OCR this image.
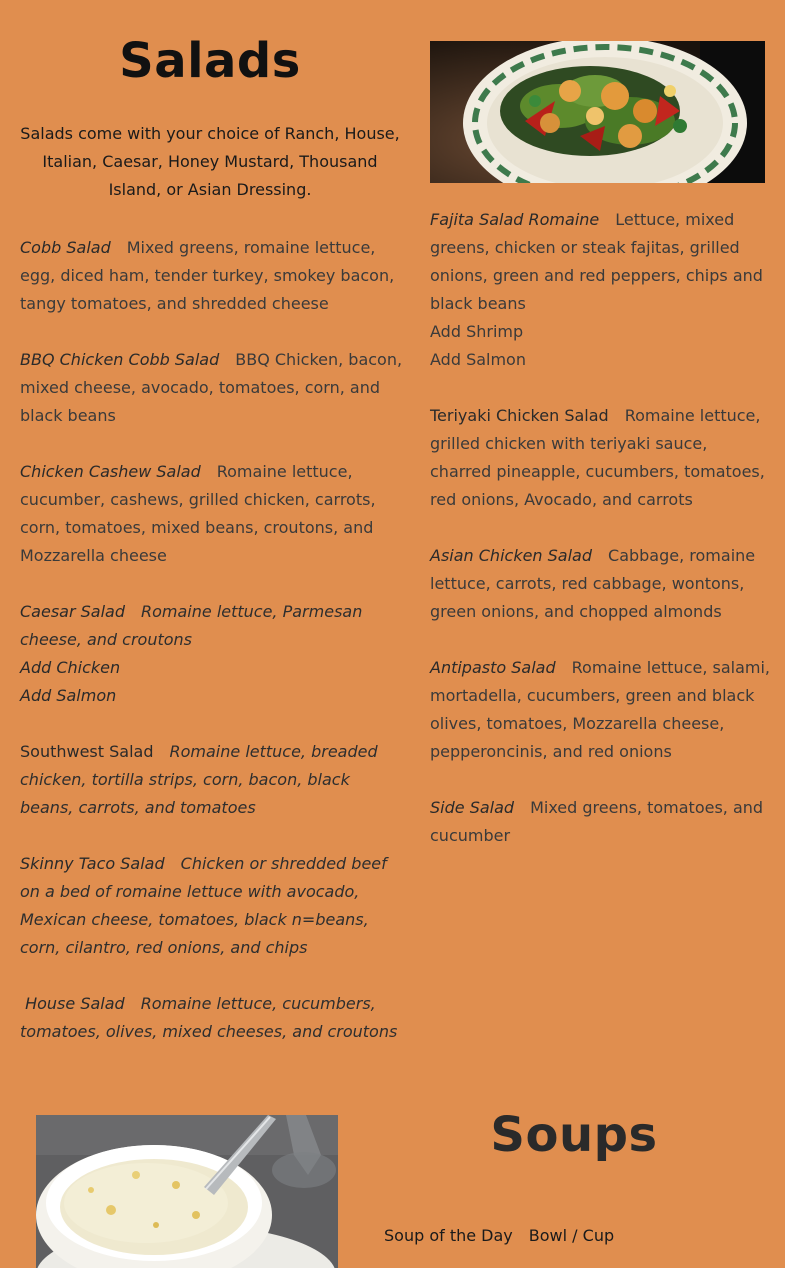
Salads
Salads come with your choice of Ranch, House, Italian, Caesar, Honey Mustard, Thousand Island, or Asian Dressing.
Cobb Salad Mixed greens, romaine lettuce, egg, diced ham, tender turkey, smokey bacon, tangy tomatoes, and shredded cheese
BBQ Chicken Cobb Salad BBQ Chicken, bacon, mixed cheese, avocado, tomatoes, corn, and black beans
Chicken Cashew Salad Romaine lettuce, cucumber, cashews, grilled chicken, carrots, corn, tomatoes, mixed beans, croutons, and Mozzarella cheese
Caesar Salad Romaine lettuce, Parmesan cheese, and croutons
Add Chicken
Add Salmon
Southwest Salad Romaine lettuce, breaded chicken, tortilla strips, corn, bacon, black beans, carrots, and tomatoes
Skinny Taco Salad Chicken or shredded beef on a bed of romaine lettuce with avocado, Mexican cheese, tomatoes, black n=beans, corn, cilantro, red onions, and chips
House Salad Romaine lettuce, cucumbers, tomatoes, olives, mixed cheeses, and croutons
Fajita Salad Romaine Lettuce, mixed greens, chicken or steak fajitas, grilled onions, green and red peppers, chips and black beans
Add Shrimp
Add Salmon
Teriyaki Chicken Salad Romaine lettuce, grilled chicken with teriyaki sauce, charred pineapple, cucumbers, tomatoes, red onions, Avocado, and carrots
Asian Chicken Salad Cabbage, romaine lettuce, carrots, red cabbage, wontons, green onions, and chopped almonds
Antipasto Salad Romaine lettuce, salami, mortadella, cucumbers, green and black olives, tomatoes, Mozzarella cheese, pepperoncinis, and red onions
Side Salad Mixed greens, tomatoes, and cucumber
Soups
Soup of the Day Bowl / Cup
